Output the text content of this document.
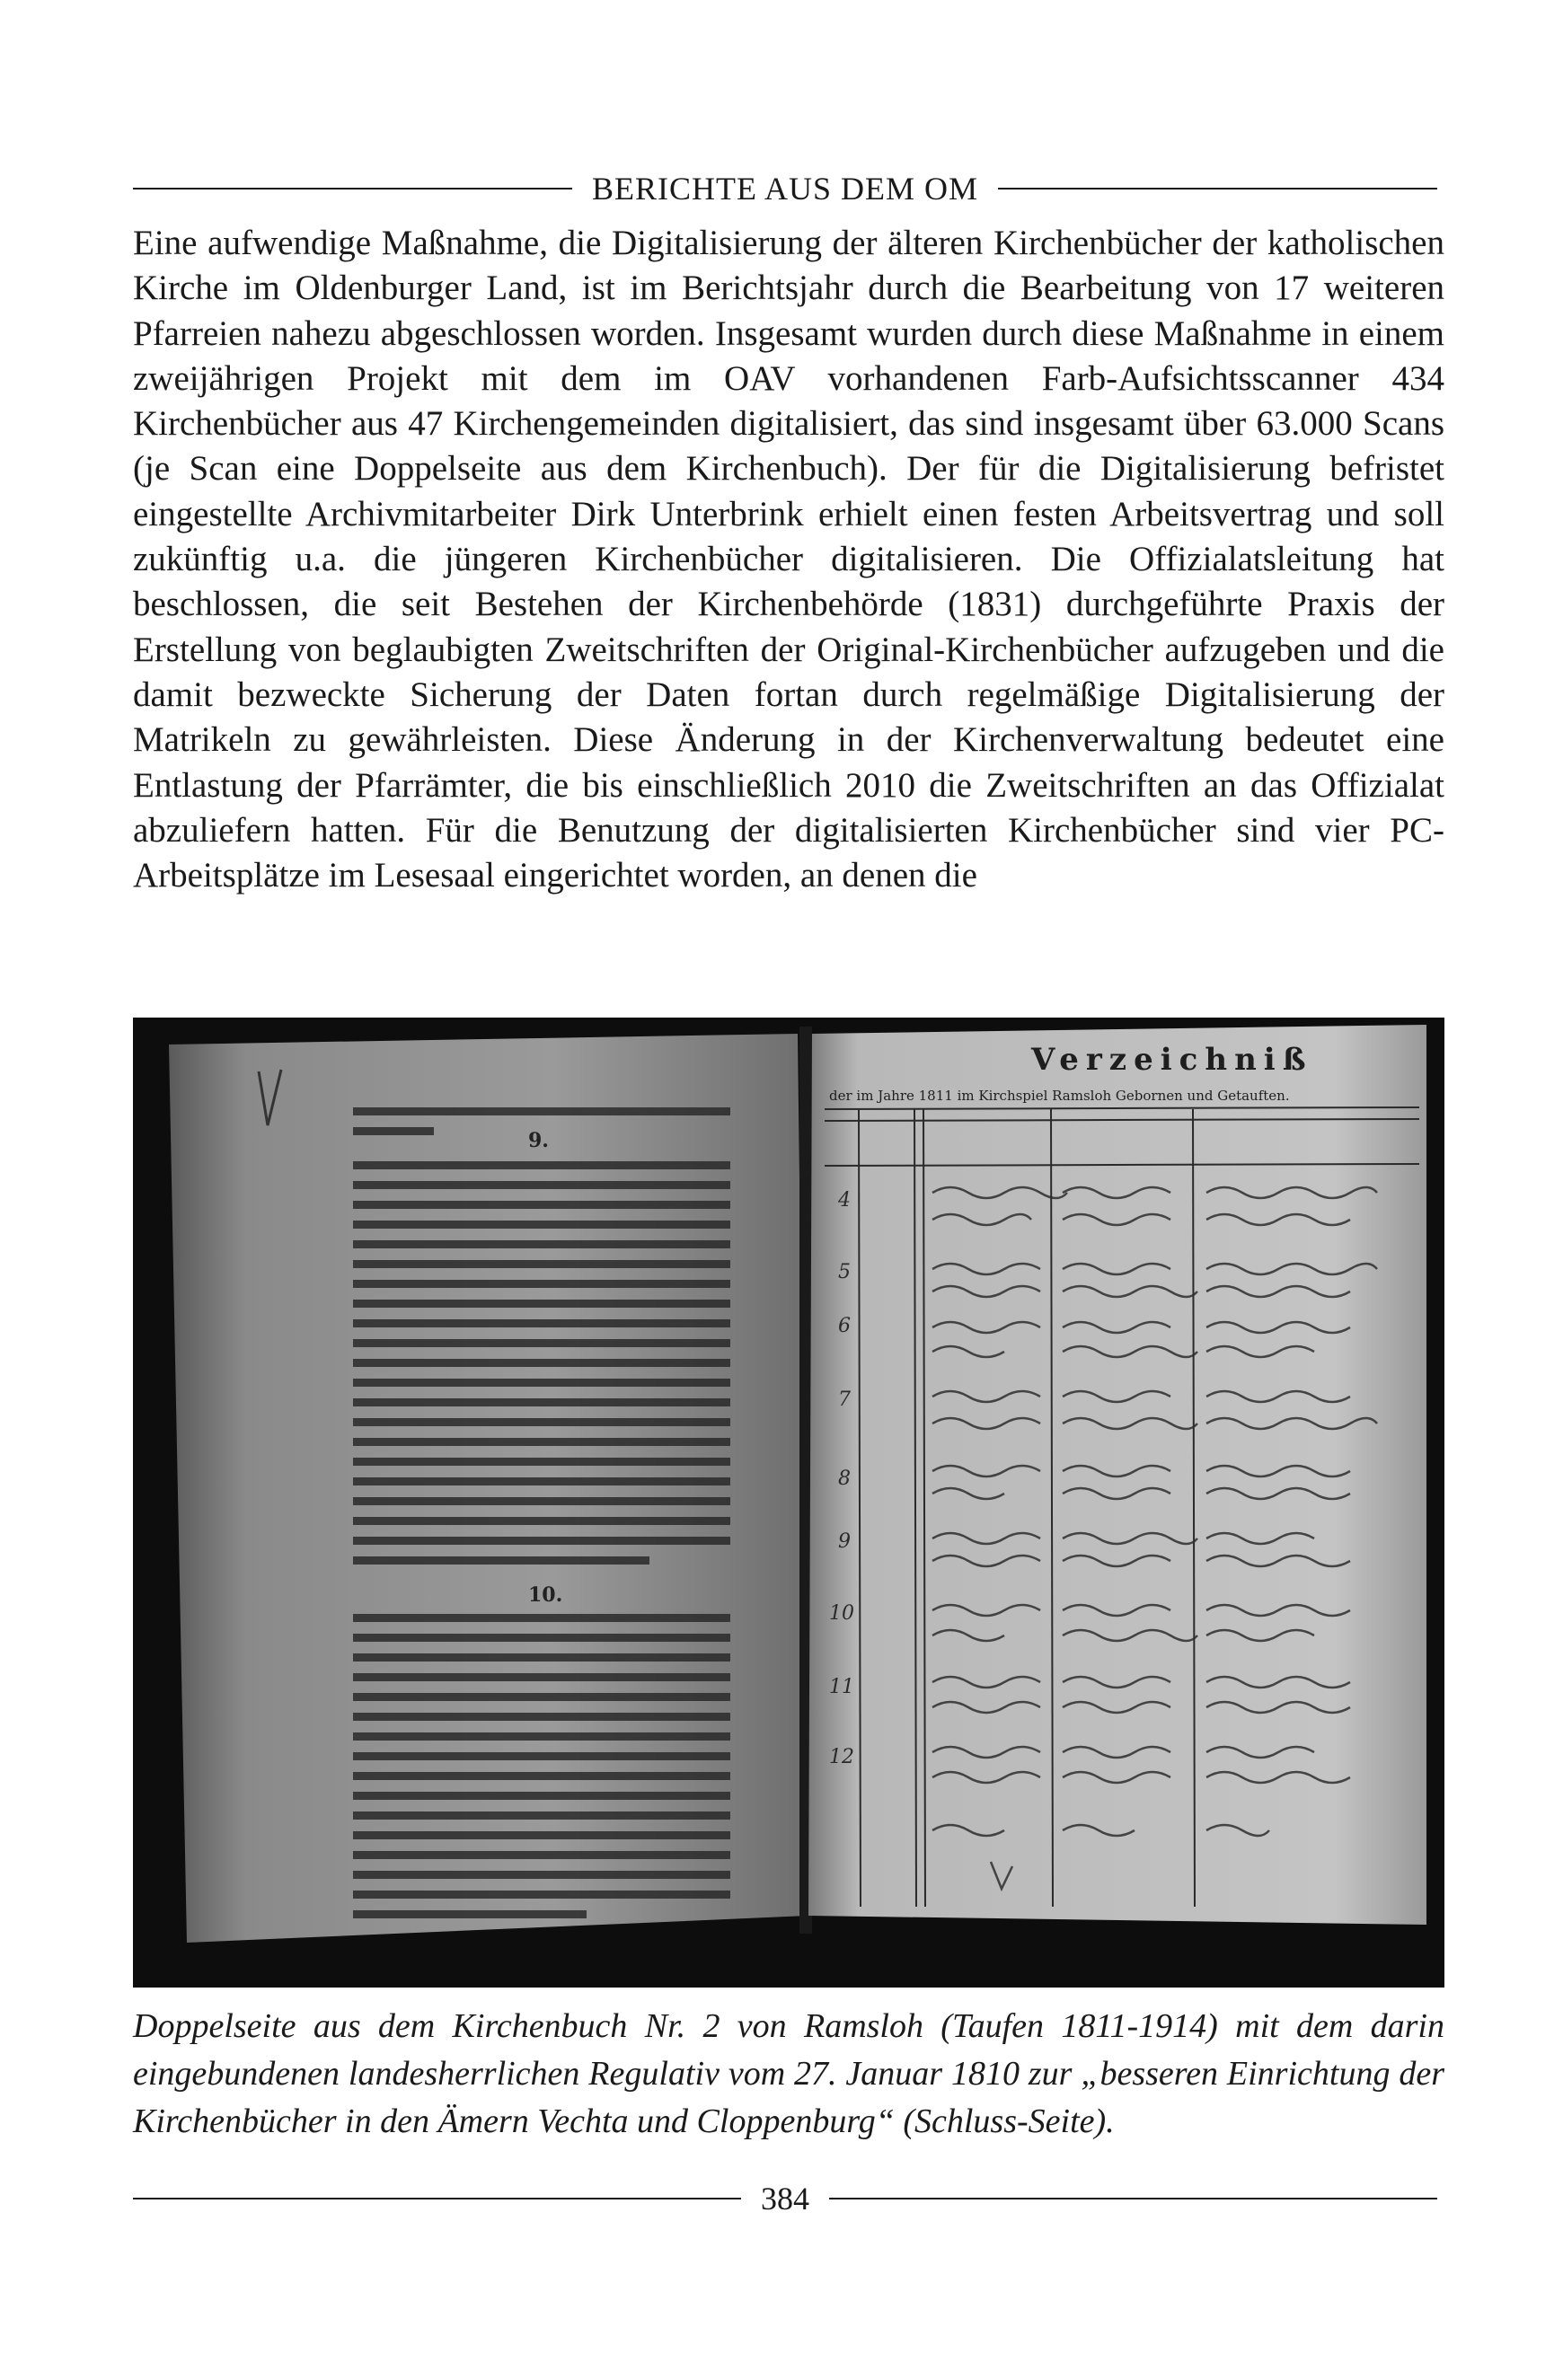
BERICHTE AUS DEM OM
Eine aufwendige Maßnahme, die Digitalisierung der älteren Kirchenbücher der katholischen Kirche im Oldenburger Land, ist im Berichtsjahr durch die Bearbeitung von 17 weiteren Pfarreien nahezu abgeschlossen worden. Insgesamt wurden durch diese Maßnahme in einem zweijährigen Projekt mit dem im OAV vorhandenen Farb-Aufsichtsscanner 434 Kirchenbücher aus 47 Kirchengemeinden digitalisiert, das sind insgesamt über 63.000 Scans (je Scan eine Doppelseite aus dem Kirchenbuch). Der für die Digitalisierung befristet eingestellte Archivmitarbeiter Dirk Unterbrink erhielt einen festen Arbeitsvertrag und soll zukünftig u.a. die jüngeren Kirchenbücher digitalisieren. Die Offizialatsleitung hat beschlossen, die seit Bestehen der Kirchenbehörde (1831) durchgeführte Praxis der Erstellung von beglaubigten Zweitschriften der Original-Kirchenbücher aufzugeben und die damit bezweckte Sicherung der Daten fortan durch regelmäßige Digitalisierung der Matrikeln zu gewährleisten. Diese Änderung in der Kirchenverwaltung bedeutet eine Entlastung der Pfarrämter, die bis einschließlich 2010 die Zweitschriften an das Offizialat abzuliefern hatten. Für die Benutzung der digitalisierten Kirchenbücher sind vier PC-Arbeitsplätze im Lesesaal eingerichtet worden, an denen die
9.
10.
Verzeichniß
der im Jahre 1811 im Kirchspiel Ramsloh Gebornen und Getauften.
4
5
6
7
8
9
10
11
12
Doppelseite aus dem Kirchenbuch Nr. 2 von Ramsloh (Taufen 1811-1914) mit dem darin eingebundenen landesherrlichen Regulativ vom 27. Januar 1810 zur „besseren Einrichtung der Kirchenbücher in den Ämern Vechta und Cloppenburg“ (Schluss-Seite).
384
